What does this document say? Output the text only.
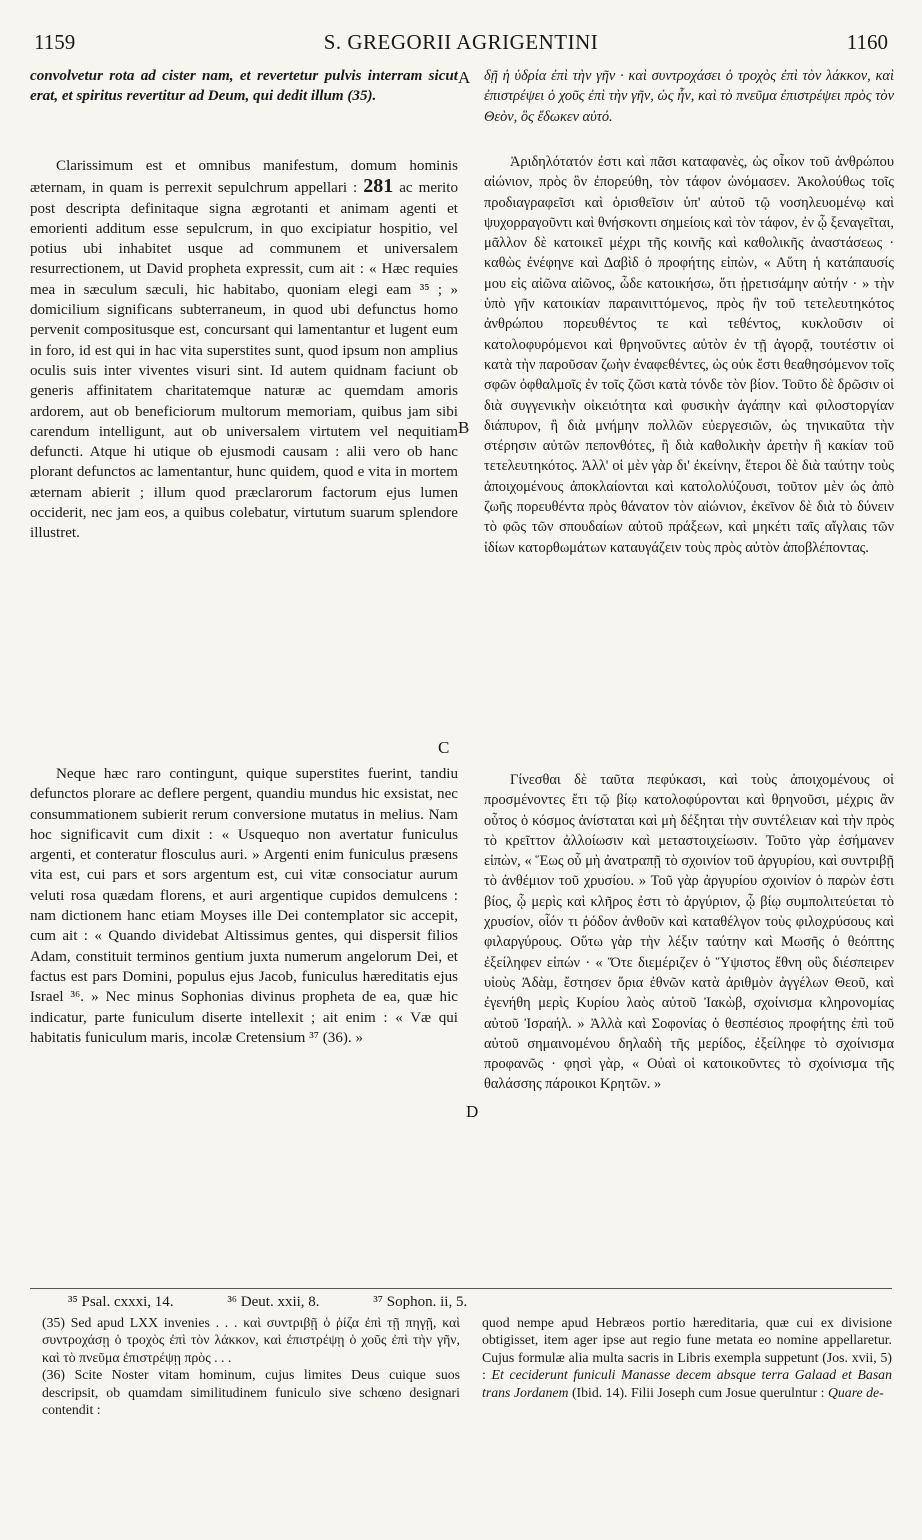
1159	S. GREGORII AGRIGENTINI	1160

convolvetur rota ad cister nam, et revertetur pulvis interram sicut erat, et spiritus revertitur ad Deum, qui dedit illum (35).

Clarissimum est et omnibus manifestum, domum hominis æternam, in quam is perrexit sepulchrum appellari : 281 ac merito post descripta definitaque signa ægrotanti et animam agenti et emorienti additum esse sepulcrum, in quo excipiatur hospitio, vel potius ubi inhabitet usque ad communem et universalem resurrectionem, ut David propheta expressit, cum ait : « Hæc requies mea in sæculum sæculi, hic habitabo, quoniam elegi eam ³⁵ ; » domicilium significans subterraneum, in quod ubi defunctus homo pervenit compositusque est, concursant qui lamentantur et lugent eum in foro, id est qui in hac vita superstites sunt, quod ipsum non amplius oculis suis inter viventes visuri sint. Id autem quidnam faciunt ob generis affinitatem charitatemque naturæ ac quemdam amoris ardorem, aut ob beneficiorum multorum memoriam, quibus jam sibi carendum intelligunt, aut ob universalem virtutem vel nequitiam defuncti. Atque hi utique ob ejusmodi causam : alii vero ob hanc plorant defunctos ac lamentantur, hunc quidem, quod e vita in mortem æternam abierit ; illum quod præclarorum factorum ejus lumen occiderit, nec jam eos, a quibus colebatur, virtutum suarum splendore illustret.

Neque hæc raro contingunt, quique superstites fuerint, tandiu defunctos plorare ac deflere pergent, quandiu mundus hic exsistat, nec consummationem subierit rerum conversione mutatus in melius. Nam hoc significavit cum dixit : « Usquequo non avertatur funiculus argenti, et conteratur flosculus auri. » Argenti enim funiculus præsens vita est, cui pars et sors argentum est, cui vitæ consociatur aurum veluti rosa quædam florens, et auri argentique cupidos demulcens : nam dictionem hanc etiam Moyses ille Dei contemplator sic accepit, cum ait : « Quando dividebat Altissimus gentes, qui dispersit filios Adam, constituit terminos gentium juxta numerum angelorum Dei, et factus est pars Domini, populus ejus Jacob, funiculus hæreditatis ejus Israel ³⁶. » Nec minus Sophonias divinus propheta de ea, quæ hic indicatur, parte funiculum diserte intellexit ; ait enim : « Væ qui habitatis funiculum maris, incolæ Cretensium ³⁷ (36). »

δῇ ἡ ὑδρία ἐπὶ τὴν γῆν · καὶ συντροχάσει ὁ τροχὸς ἐπὶ τὸν λάκκον, καὶ ἐπιστρέψει ὁ χοῦς ἐπὶ τὴν γῆν, ὡς ἦν, καὶ τὸ πνεῦμα ἐπιστρέψει πρὸς τὸν Θεὸν, ὃς ἔδωκεν αὐτό.

Ἀριδηλότατόν ἐστι καὶ πᾶσι καταφανὲς, ὡς οἶκον τοῦ ἀνθρώπου αἰώνιον, πρὸς ὃν ἐπορεύθη, τὸν τάφον ὠνόμασεν. Ἀκολούθως τοῖς προδιαγραφεῖσι καὶ ὁρισθεῖσιν ὑπ' αὐτοῦ τῷ νοσηλευομένῳ καὶ ψυχορραγοῦντι καὶ θνήσκοντι σημείοις καὶ τὸν τάφον, ἐν ᾧ ξεναγεῖται, μᾶλλον δὲ κατοικεῖ μέχρι τῆς κοινῆς καὶ καθολικῆς ἀναστάσεως · καθὼς ἐνέφηνε καὶ Δαβὶδ ὁ προφήτης εἰπὼν, « Αὕτη ἡ κατάπαυσίς μου εἰς αἰῶνα αἰῶνος, ὧδε κατοικήσω, ὅτι ᾑρετισάμην αὐτήν · » τὴν ὑπὸ γῆν κατοικίαν παραινιττόμενος, πρὸς ἣν τοῦ τετελευτηκότος ἀνθρώπου πορευθέντος τε καὶ τεθέντος, κυκλοῦσιν οἱ κατολοφυρόμενοι καὶ θρηνοῦντες αὐτὸν ἐν τῇ ἀγορᾷ, τουτέστιν οἱ κατὰ τὴν παροῦσαν ζωὴν ἐναφεθέντες, ὡς οὐκ ἔστι θεαθησόμενον τοῖς σφῶν ὀφθαλμοῖς ἐν τοῖς ζῶσι κατὰ τόνδε τὸν βίον. Τοῦτο δὲ δρῶσιν οἱ διὰ συγγενικὴν οἰκειότητα καὶ φυσικὴν ἀγάπην καὶ φιλοστοργίαν διάπυρον, ἢ διὰ μνήμην πολλῶν εὐεργεσιῶν, ὡς τηνικαῦτα τὴν στέρησιν αὐτῶν πεπονθότες, ἢ διὰ καθολικὴν ἀρετὴν ἢ κακίαν τοῦ τετελευτηκότος. Ἀλλ' οἱ μὲν γὰρ δι' ἐκείνην, ἕτεροι δὲ διὰ ταύτην τοὺς ἀποιχομένους ἀποκλαίονται καὶ κατολολύζουσι, τοῦτον μὲν ὡς ἀπὸ ζωῆς πορευθέντα πρὸς θάνατον τὸν αἰώνιον, ἐκεῖνον δὲ διὰ τὸ δύνειν τὸ φῶς τῶν σπουδαίων αὐτοῦ πράξεων, καὶ μηκέτι ταῖς αἴγλαις τῶν ἰδίων κατορθωμάτων καταυγάζειν τοὺς πρὸς αὐτὸν ἀποβλέποντας.

Γίνεσθαι δὲ ταῦτα πεφύκασι, καὶ τοὺς ἀποιχομένους οἱ προσμένοντες ἔτι τῷ βίῳ κατολοφύρονται καὶ θρηνοῦσι, μέχρις ἂν οὗτος ὁ κόσμος ἀνίσταται καὶ μὴ δέξηται τὴν συντέλειαν καὶ τὴν πρὸς τὸ κρεῖττον ἀλλοίωσιν καὶ μεταστοιχείωσιν. Τοῦτο γὰρ ἐσήμανεν εἰπὼν, « Ἕως οὗ μὴ ἀνατραπῇ τὸ σχοινίον τοῦ ἀργυρίου, καὶ συντριβῇ τὸ ἀνθέμιον τοῦ χρυσίου. » Τοῦ γὰρ ἀργυρίου σχοινίον ὁ παρὼν ἐστι βίος, ᾧ μερὶς καὶ κλῆρος ἐστι τὸ ἀργύριον, ᾧ βίῳ συμπολιτεύεται τὸ χρυσίον, οἷόν τι ῥόδον ἀνθοῦν καὶ καταθέλγον τοὺς φιλοχρύσους καὶ φιλαργύρους. Οὕτω γὰρ τὴν λέξιν ταύτην καὶ Μωσῆς ὁ θεόπτης ἐξείληφεν εἰπών · « Ὅτε διεμέριζεν ὁ Ὕψιστος ἔθνη οὓς διέσπειρεν υἱοὺς Ἀδὰμ, ἔστησεν ὅρια ἐθνῶν κατὰ ἀριθμὸν ἀγγέλων Θεοῦ, καὶ ἐγενήθη μερὶς Κυρίου λαὸς αὐτοῦ Ἰακὼβ, σχοίνισμα κληρονομίας αὐτοῦ Ἰσραήλ. » Ἀλλὰ καὶ Σοφονίας ὁ θεσπέσιος προφήτης ἐπὶ τοῦ αὐτοῦ σημαινομένου δηλαδὴ τῆς μερίδος, ἐξείληφε τὸ σχοίνισμα προφανῶς · φησὶ γὰρ, « Οὐαὶ οἱ κατοικοῦντες τὸ σχοίνισμα τῆς θαλάσσης πάροικοι Κρητῶν. »

A
B
C
D
³⁵ Psal. cxxxi, 14.	³⁶ Deut. xxii, 8.	³⁷ Sophon. ii, 5.

(35) Sed apud LXX invenies . . . καὶ συντριβῇ ὁ ῥίζα ἐπὶ τῇ πηγῇ, καὶ συντροχάσῃ ὁ τροχὸς ἐπὶ τὸν λάκκον, καὶ ἐπιστρέψῃ ὁ χοῦς ἐπὶ τὴν γῆν, καὶ τὸ πνεῦμα ἐπιστρέψῃ πρὸς . . .

(36) Scite Noster vitam hominum, cujus limites Deus cuique suos descripsit, ob quamdam similitudinem funiculo sive schœno designari contendit :

quod nempe apud Hebræos portio hæreditaria, quæ cui ex divisione obtigisset, item ager ipse aut regio fune metata eo nomine appellaretur. Cujus formulæ alia multa sacris in Libris exempla suppetunt (Jos. xvii, 5) : Et ceciderunt funiculi Manasse decem absque terra Galaad et Basan trans Jordanem (Ibid. 14). Filii Joseph cum Josue querulntur : Quare de-
